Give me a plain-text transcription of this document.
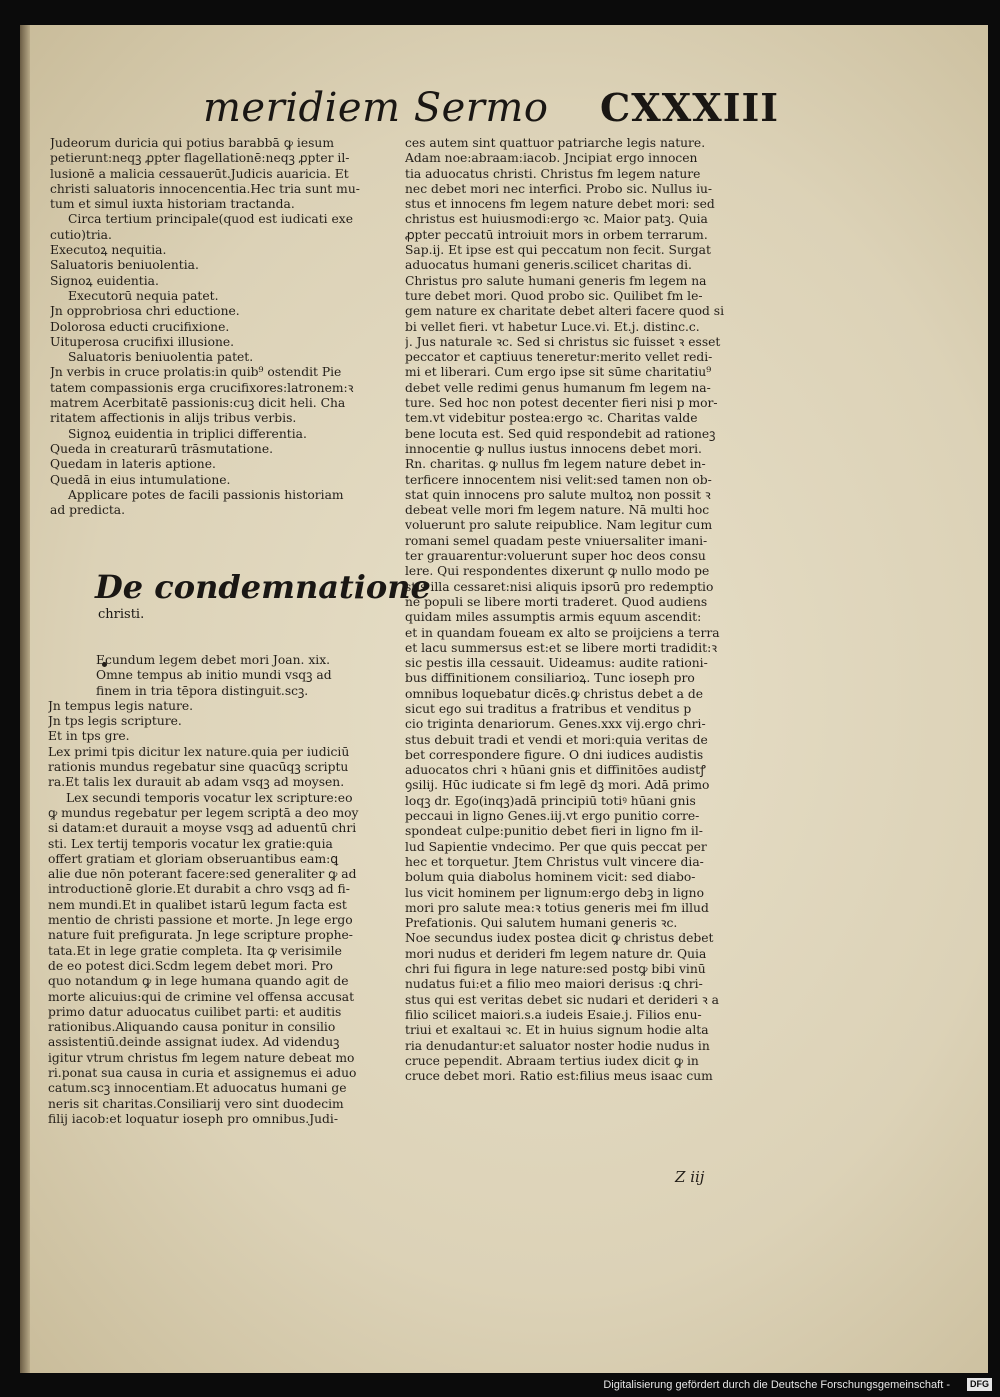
meridiem Sermo CXXXIII
Judeorum duricia qui potius barabbā ꝙ iesum
petierunt:neqꝫ ꝓpter flagellationē:neqꝫ ꝓpter il-
lusionē a malicia cessauerūt.Judicis auaricia. Et
christi saluatoris innocencentia.Hec tria sunt mu-
tum et simul iuxta historiam tractanda.
Circa tertium principale(quod est iudicati exe
cutio)tria.
Executoꝝ nequitia.
Saluatoris beniuolentia.
Signoꝝ euidentia.
Executorū nequia patet.
Jn opprobriosa chri eductione.
Dolorosa educti crucifixione.
Uituperosa crucifixi illusione.
Saluatoris beniuolentia patet.
Jn verbis in cruce prolatis:in quib⁹ ostendit Pie
tatem compassionis erga crucifixores:latronem:ꝛ
matrem Acerbitatē passionis:cuꝫ dicit heli. Cha
ritatem affectionis in alijs tribus verbis.
Signoꝝ euidentia in triplici differentia.
Queda in creaturarū trāsmutatione.
Quedam in lateris aptione.
Quedā in eius intumulatione.
Applicare potes de facili passionis historiam
ad predicta.
De condemnatione
christi.
Ecundum legem debet mori Joan. xix.
Omne tempus ab initio mundi vsqꝫ ad
finem in tria tēpora distinguit.scꝫ.
Jn tempus legis nature.
Jn tps legis scripture.
Et in tps gre.
Lex primi tpis dicitur lex nature.quia per iudiciū
rationis mundus regebatur sine quacūqꝫ scriptu
ra.Et talis lex durauit ab adam vsqꝫ ad moysen.
Lex secundi temporis vocatur lex scripture:eo
ꝙ mundus regebatur per legem scriptā a deo moy
si datam:et durauit a moyse vsqꝫ ad aduentū chri
sti. Lex tertij temporis vocatur lex gratie:quia
offert gratiam et gloriam obseruantibus eam:ꝗ
alie due nōn poterant facere:sed generaliter ꝙ ad
introductionē glorie.Et durabit a chro vsqꝫ ad fi-
nem mundi.Et in qualibet istarū legum facta est
mentio de christi passione et morte. Jn lege ergo
nature fuit prefigurata. Jn lege scripture prophe-
tata.Et in lege gratie completa. Ita ꝙ verisimile
de eo potest dici.Scdm legem debet mori. Pro
quo notandum ꝙ in lege humana quando agit de
morte alicuius:qui de crimine vel offensa accusat
primo datur aduocatus cuilibet parti: et auditis
rationibus.Aliquando causa ponitur in consilio
assistentiū.deinde assignat iudex. Ad videnduꝫ
igitur vtrum christus fm legem nature debeat mo
ri.ponat sua causa in curia et assignemus ei aduo
catum.scꝫ innocentiam.Et aduocatus humani ge
neris sit charitas.Consiliarij vero sint duodecim
filij iacob:et loquatur ioseph pro omnibus.Judi-
ces autem sint quattuor patriarche legis nature.
Adam noe:abraam:iacob. Jncipiat ergo innocen
tia aduocatus christi. Christus fm legem nature
nec debet mori nec interfici. Probo sic. Nullus iu-
stus et innocens fm legem nature debet mori: sed
christus est huiusmodi:ergo ꝛc. Maior patꝫ. Quia
ꝓpter peccatū introiuit mors in orbem terrarum.
Sap.ij. Et ipse est qui peccatum non fecit. Surgat
aduocatus humani generis.scilicet charitas di.
Christus pro salute humani generis fm legem na
ture debet mori. Quod probo sic. Quilibet fm le-
gem nature ex charitate debet alteri facere quod si
bi vellet fieri. vt habetur Luce.vi. Et.j. distinc.c.
j. Jus naturale ꝛc. Sed si christus sic fuisset ꝛ esset
peccator et captiuus teneretur:merito vellet redi-
mi et liberari. Cum ergo ipse sit sūme charitatiu⁹
debet velle redimi genus humanum fm legem na-
ture. Sed hoc non potest decenter fieri nisi p mor-
tem.vt videbitur postea:ergo ꝛc. Charitas valde
bene locuta est. Sed quid respondebit ad rationeꝫ
innocentie ꝙ nullus iustus innocens debet mori.
Rn. charitas. ꝙ nullus fm legem nature debet in-
terficere innocentem nisi velit:sed tamen non ob-
stat quin innocens pro salute multoꝝ non possit ꝛ
debeat velle mori fm legem nature. Nā multi hoc
voluerunt pro salute reipublice. Nam legitur cum
romani semel quadam peste vniuersaliter imani-
ter grauarentur:voluerunt super hoc deos consu
lere. Qui respondentes dixerunt ꝙ nullo modo pe
stis illa cessaret:nisi aliquis ipsorū pro redemptio
ne populi se libere morti traderet. Quod audiens
quidam miles assumptis armis equum ascendit:
et in quandam foueam ex alto se proijciens a terra
et lacu summersus est:et se libere morti tradidit:ꝛ
sic pestis illa cessauit. Uideamus: audite rationi-
bus diffinitionem consiliarioꝝ. Tunc ioseph pro
omnibus loquebatur dicēs.ꝙ christus debet a de
sicut ego sui traditus a fratribus et venditus p
cio triginta denariorum. Genes.xxx vij.ergo chri-
stus debuit tradi et vendi et mori:quia veritas de
bet correspondere figure. O dni iudices audistis
aduocatos chri ꝛ hūani gnis et diffinitōes audistꝭ
ꝯsilij. Hūc iudicate si fm legē dꝫ mori. Adā primo
loqꝫ dr. Ego(inqꝫ)adā principiū totiꝰ hūani gnis
peccaui in ligno Genes.iij.vt ergo punitio corre-
spondeat culpe:punitio debet fieri in ligno fm il-
lud Sapientie vndecimo. Per que quis peccat per
hec et torquetur. Jtem Christus vult vincere dia-
bolum quia diabolus hominem vicit: sed diabo-
lus vicit hominem per lignum:ergo debꝫ in ligno
mori pro salute mea:ꝛ totius generis mei fm illud
Prefationis. Qui salutem humani generis ꝛc.
Noe secundus iudex postea dicit ꝙ christus debet
mori nudus et derideri fm legem nature dr. Quia
chri fui figura in lege nature:sed postꝙ bibi vinū
nudatus fui:et a filio meo maiori derisus :ꝗ chri-
stus qui est veritas debet sic nudari et derideri ꝛ a
filio scilicet maiori.s.a iudeis Esaie.j. Filios enu-
triui et exaltaui ꝛc. Et in huius signum hodie alta
ria denudantur:et saluator noster hodie nudus in
cruce pependit. Abraam tertius iudex dicit ꝙ in
cruce debet mori. Ratio est:filius meus isaac cum
Z iij
Digitalisierung gefördert durch die Deutsche Forschungsgemeinschaft -	DFG
